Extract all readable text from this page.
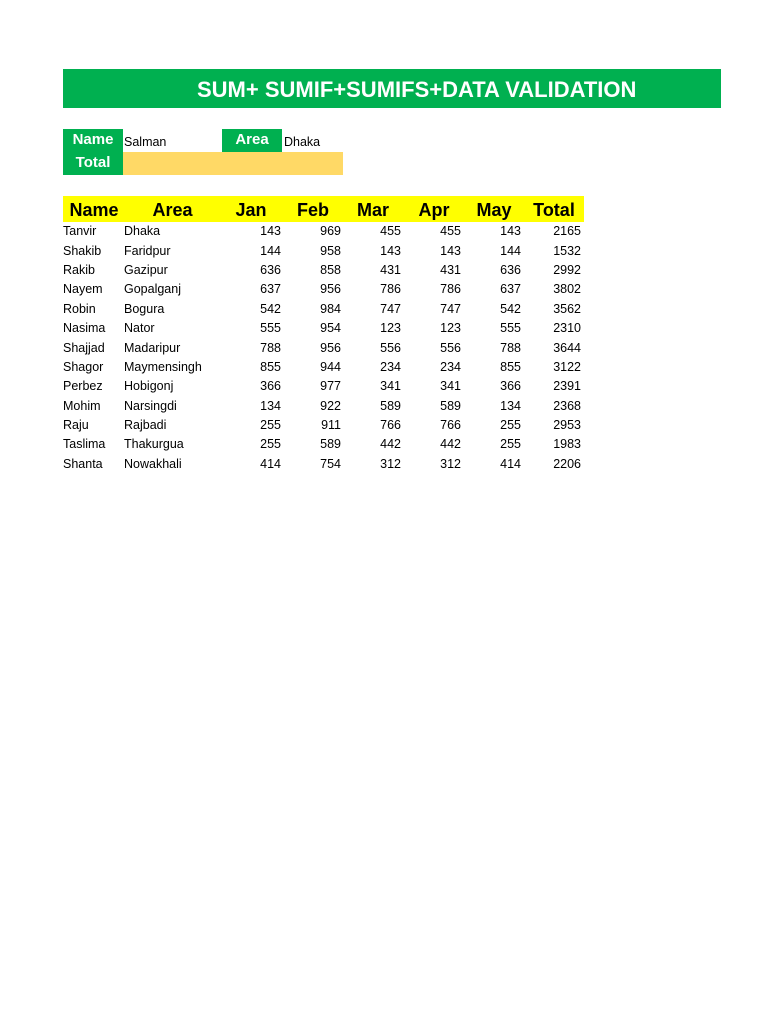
SUM+ SUMIF+SUMIFS+DATA VALIDATION
Name Salman	Area	Dhaka
Total
Name	Area	Jan	Feb	Mar	Apr	May	Total
Tanvir	Dhaka	143	969	455	455	143	2165
Shakib	Faridpur	144	958	143	143	144	1532
Rakib	Gazipur	636	858	431	431	636	2992
Nayem	Gopalganj	637	956	786	786	637	3802
Robin	Bogura	542	984	747	747	542	3562
Nasima	Nator	555	954	123	123	555	2310
Shajjad	Madaripur	788	956	556	556	788	3644
Shagor	Maymensingh	855	944	234	234	855	3122
Perbez	Hobigonj	366	977	341	341	366	2391
Mohim	Narsingdi	134	922	589	589	134	2368
Raju	Rajbadi	255	911	766	766	255	2953
Taslima	Thakurgua	255	589	442	442	255	1983
Shanta	Nowakhali	414	754	312	312	414	2206
